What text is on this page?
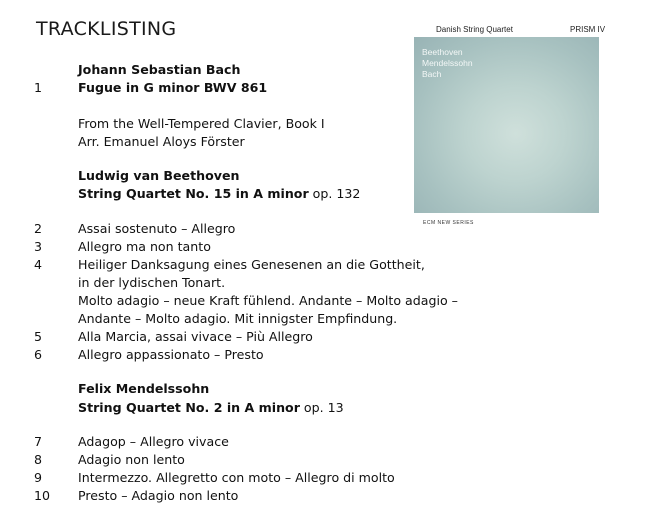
TRACKLISTING	Danish String Quartet	PRISM IV
Beethoven
Mendelssohn
Bach
ECM NEW SERIES
Johann Sebastian Bach
1	Fugue in G minor BWV 861
From the Well-Tempered Clavier, Book I
Arr. Emanuel Aloys Förster
Ludwig van Beethoven
String Quartet No. 15 in A minor op. 132
2	Assai sostenuto – Allegro
3	Allegro ma non tanto
4	Heiliger Danksagung eines Genesenen an die Gottheit,
in der lydischen Tonart.
Molto adagio – neue Kraft fühlend. Andante – Molto adagio –
Andante – Molto adagio. Mit innigster Empfindung.
5	Alla Marcia, assai vivace – Più Allegro
6	Allegro appassionato – Presto
Felix Mendelssohn
String Quartet No. 2 in A minor op. 13
7	Adagop – Allegro vivace
8	Adagio non lento
9	Intermezzo. Allegretto con moto – Allegro di molto
10 Presto – Adagio non lento
